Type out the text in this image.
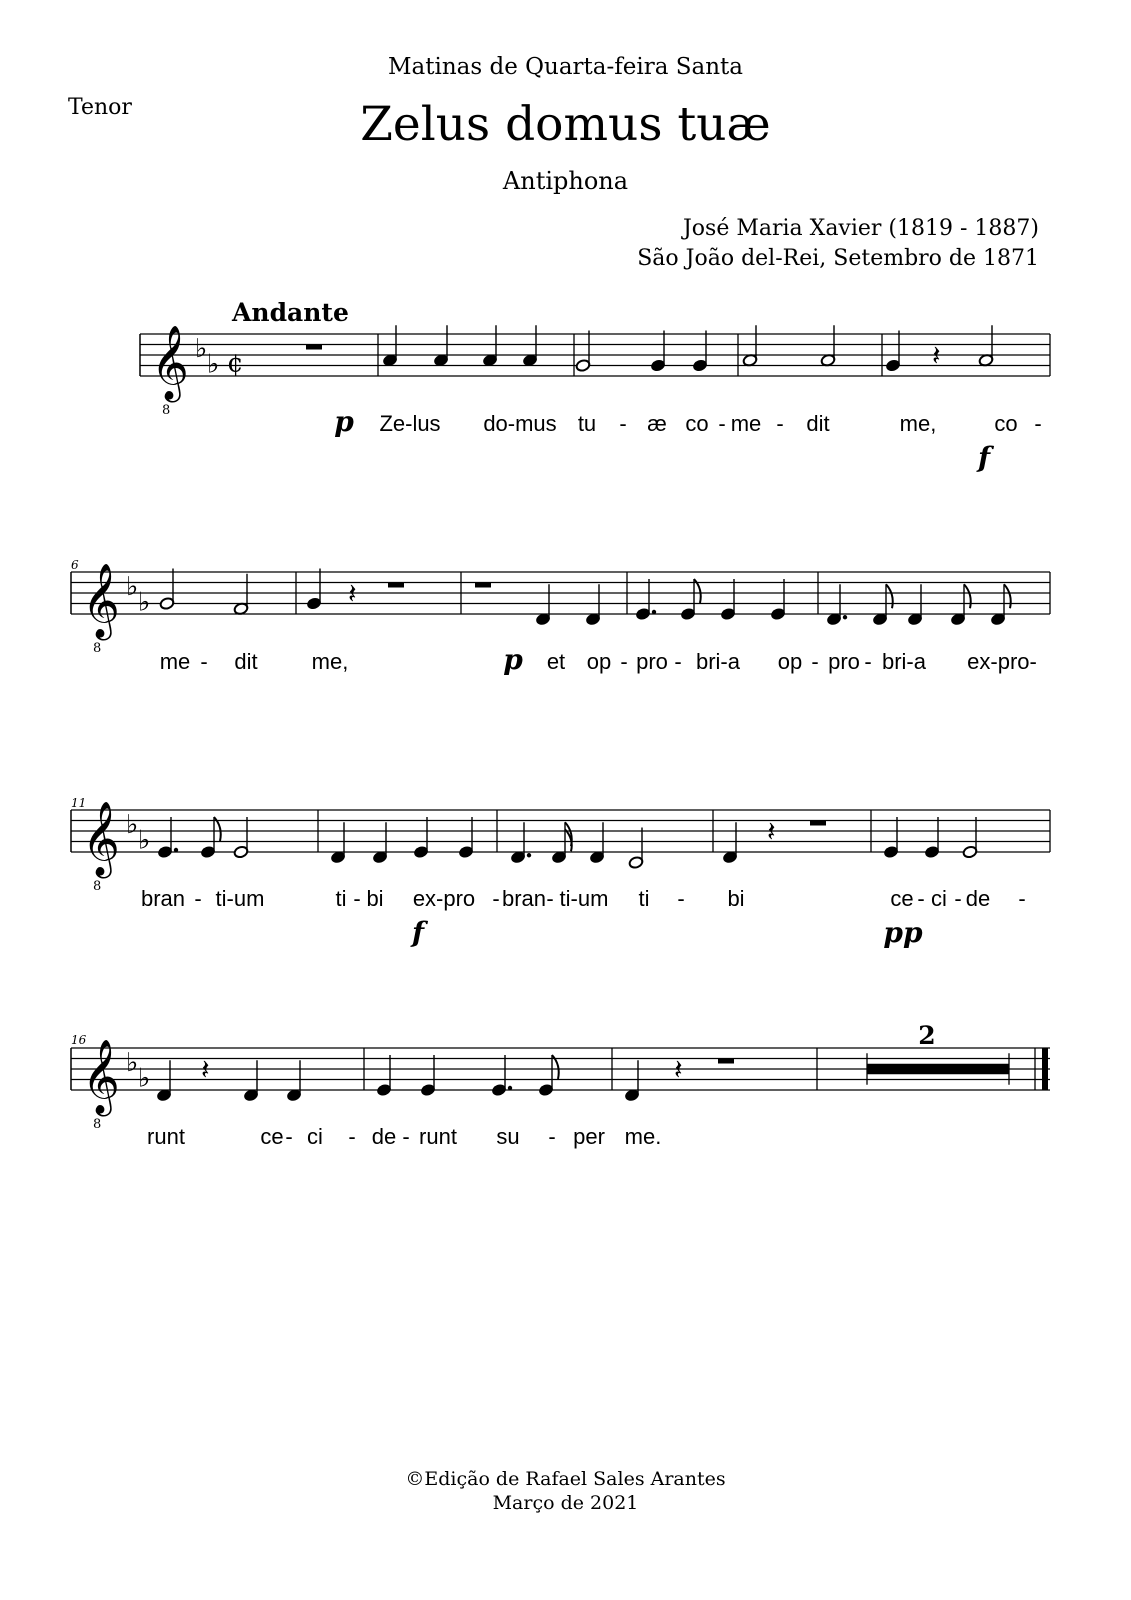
Matinas de Quarta-feira Santa
Tenor	Zelus domus tuæ
Antiphona
José Maria Xavier (1819 - 1887)
São João del-Rei, Setembro de 1871
Andante
𝄞
8
♭
♭ ¢	𝄽
𝄞
8
♭
♭	𝄽
𝄞
8
♭
♭	𝄽
𝄞
8
♭
♭ 𝄽	𝄽
6
11
16	2
Ze-lus do-mus tu - æ co - me - dit	me,	co -
p
f
me - dit me,	et op - pro - bri-a op - pro - bri-a ex-pro-
p
bran - ti-um	ti - bi ex-pro - bran - ti-um ti - bi	ce - ci - de -
f	pp
runt	ce - ci - de - runt su - per me.
©Edição de Rafael Sales Arantes
Março de 2021
